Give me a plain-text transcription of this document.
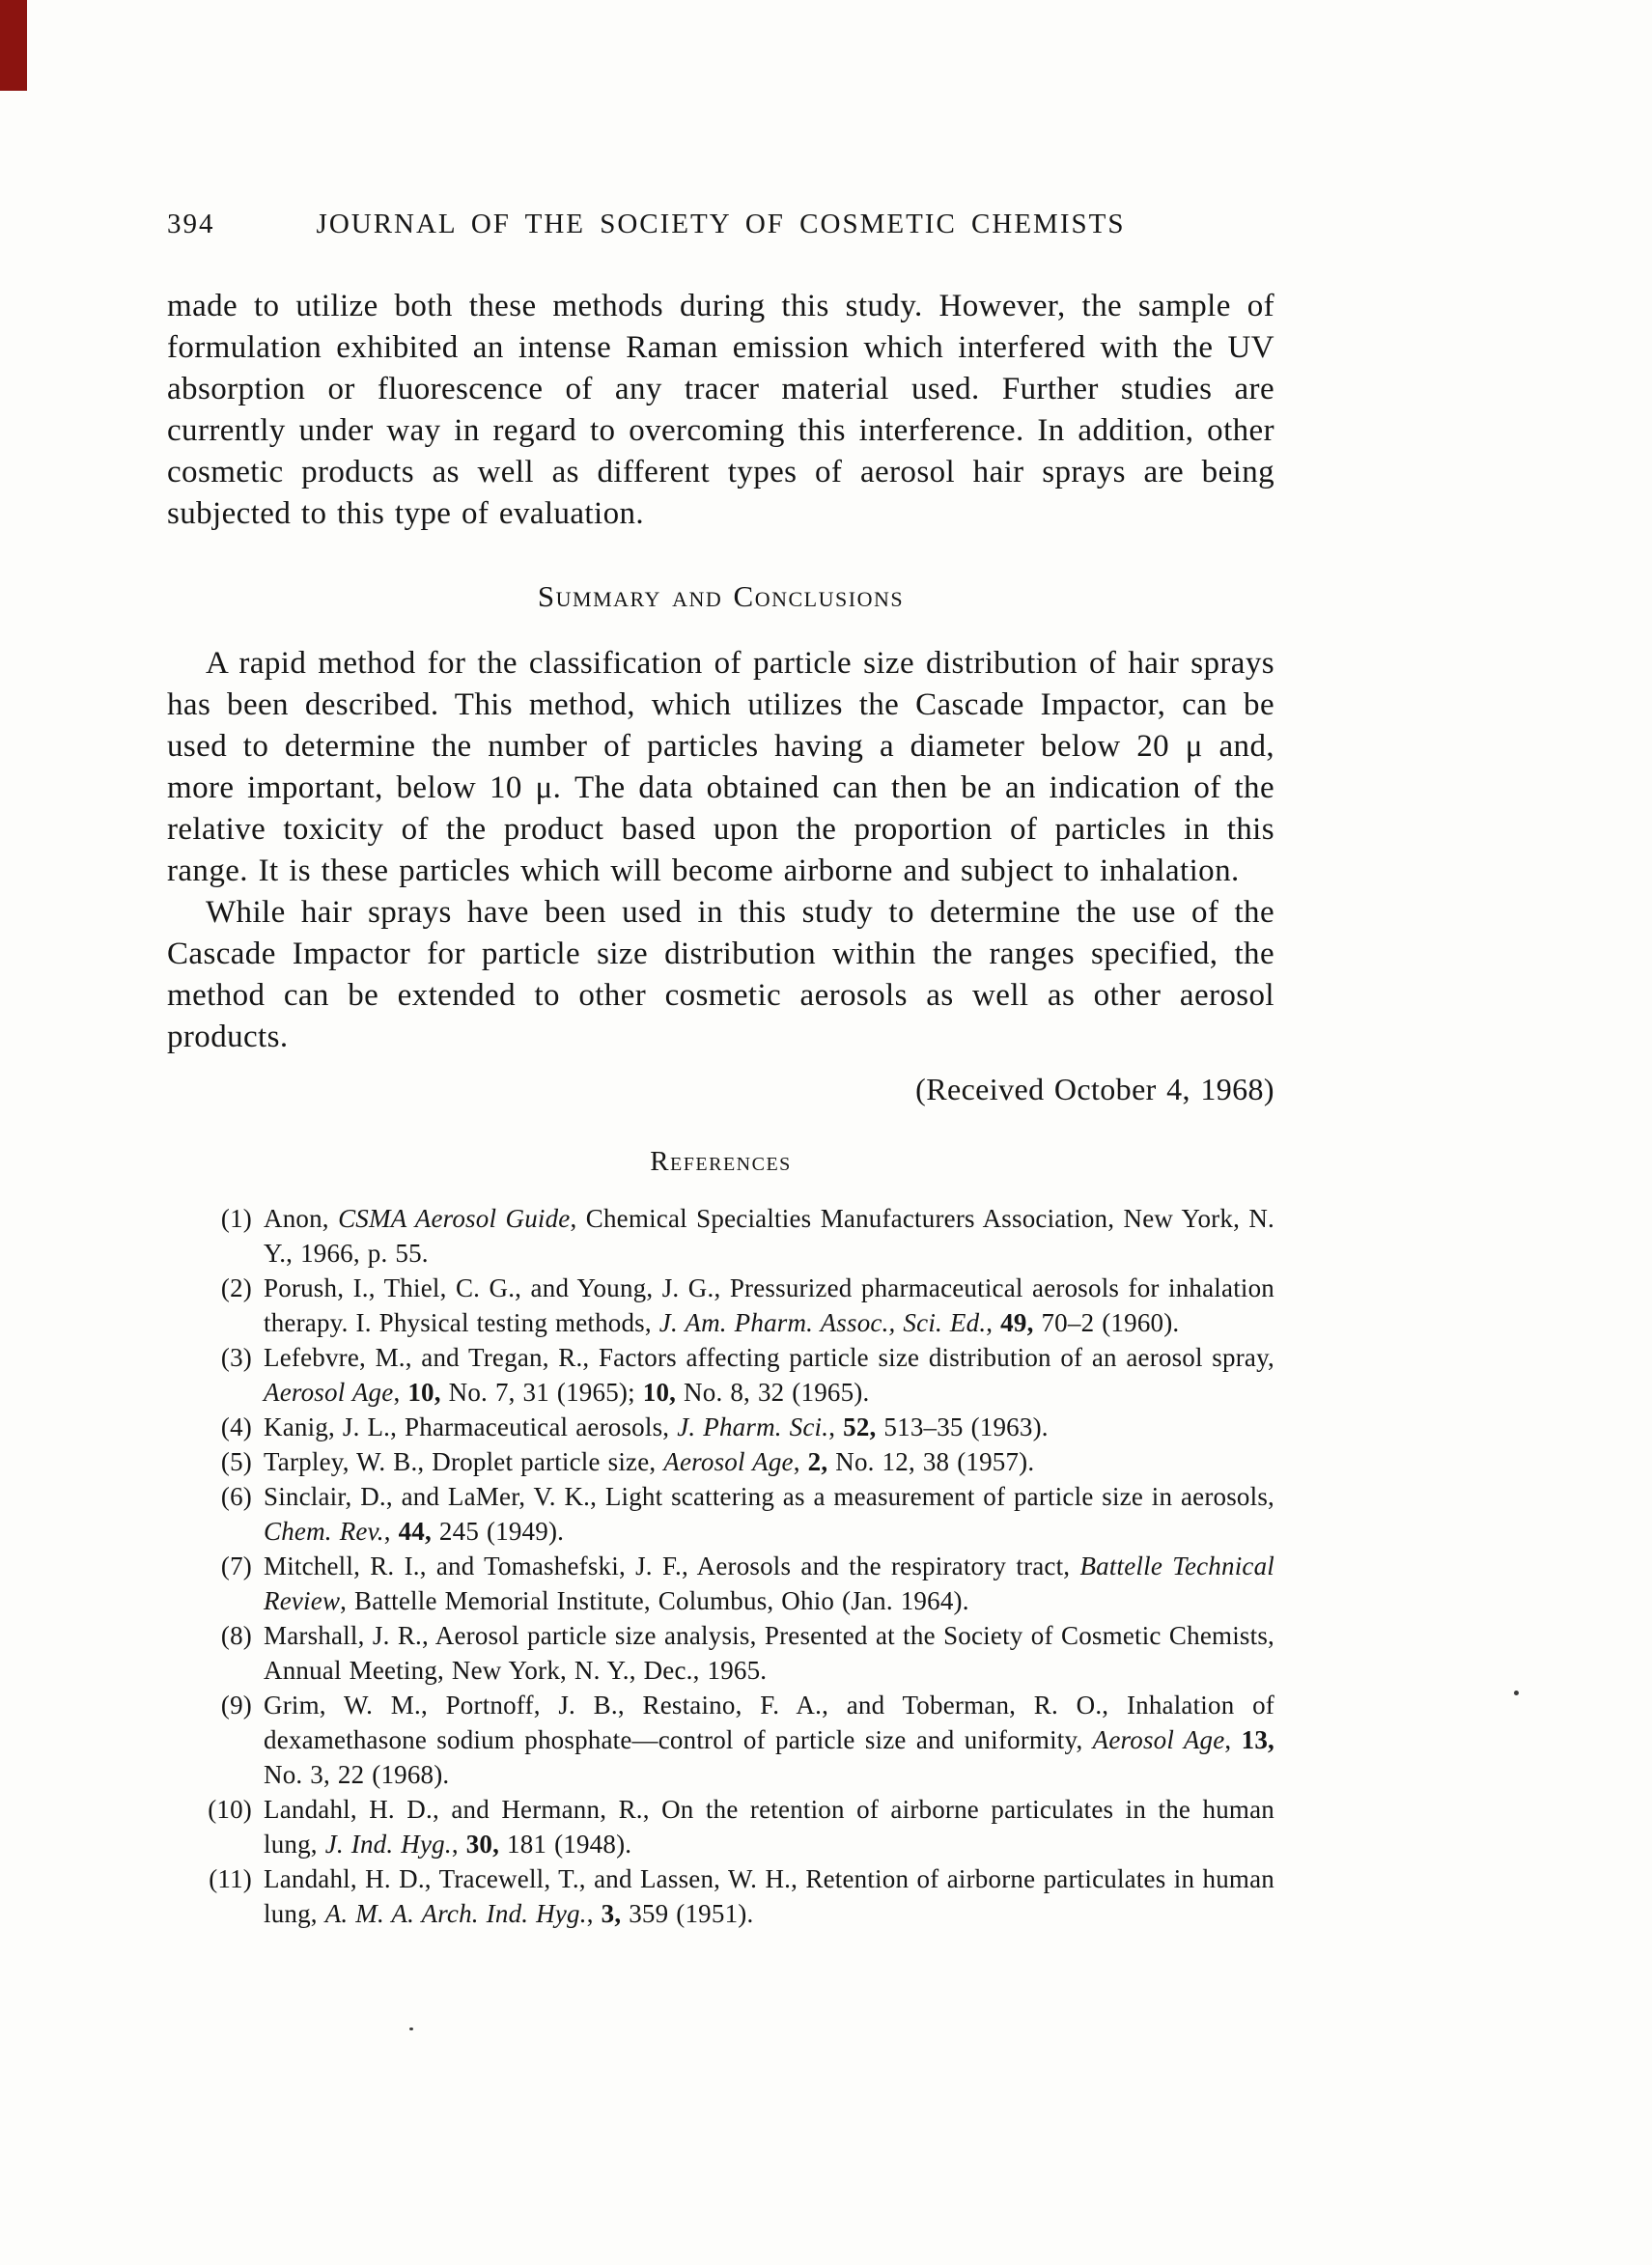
394	JOURNAL OF THE SOCIETY OF COSMETIC CHEMISTS

made to utilize both these methods during this study. However, the sample of formulation exhibited an intense Raman emission which interfered with the UV absorption or fluorescence of any tracer material used. Further studies are currently under way in regard to overcoming this interference. In addition, other cosmetic products as well as different types of aerosol hair sprays are being subjected to this type of evaluation.

Summary and Conclusions

A rapid method for the classification of particle size distribution of hair sprays has been described. This method, which utilizes the Cascade Impactor, can be used to determine the number of particles having a diameter below 20 μ and, more important, below 10 μ. The data obtained can then be an indication of the relative toxicity of the product based upon the proportion of particles in this range. It is these particles which will become airborne and subject to inhalation.

While hair sprays have been used in this study to determine the use of the Cascade Impactor for particle size distribution within the ranges specified, the method can be extended to other cosmetic aerosols as well as other aerosol products.

(Received October 4, 1968)
References
(1) Anon, CSMA Aerosol Guide, Chemical Specialties Manufacturers Association, New York, N. Y., 1966, p. 55.
(2) Porush, I., Thiel, C. G., and Young, J. G., Pressurized pharmaceutical aerosols for inhalation therapy. I. Physical testing methods, J. Am. Pharm. Assoc., Sci. Ed., 49, 70–2 (1960).
(3) Lefebvre, M., and Tregan, R., Factors affecting particle size distribution of an aerosol spray, Aerosol Age, 10, No. 7, 31 (1965); 10, No. 8, 32 (1965).
(4) Kanig, J. L., Pharmaceutical aerosols, J. Pharm. Sci., 52, 513–35 (1963).
(5) Tarpley, W. B., Droplet particle size, Aerosol Age, 2, No. 12, 38 (1957).
(6) Sinclair, D., and LaMer, V. K., Light scattering as a measurement of particle size in aerosols, Chem. Rev., 44, 245 (1949).
(7) Mitchell, R. I., and Tomashefski, J. F., Aerosols and the respiratory tract, Battelle Technical Review, Battelle Memorial Institute, Columbus, Ohio (Jan. 1964).
(8) Marshall, J. R., Aerosol particle size analysis, Presented at the Society of Cosmetic Chemists, Annual Meeting, New York, N. Y., Dec., 1965.
(9) Grim, W. M., Portnoff, J. B., Restaino, F. A., and Toberman, R. O., Inhalation of dexamethasone sodium phosphate—control of particle size and uniformity, Aerosol Age, 13, No. 3, 22 (1968).
(10) Landahl, H. D., and Hermann, R., On the retention of airborne particulates in the human lung, J. Ind. Hyg., 30, 181 (1948).
(11) Landahl, H. D., Tracewell, T., and Lassen, W. H., Retention of airborne particulates in human lung, A. M. A. Arch. Ind. Hyg., 3, 359 (1951).
